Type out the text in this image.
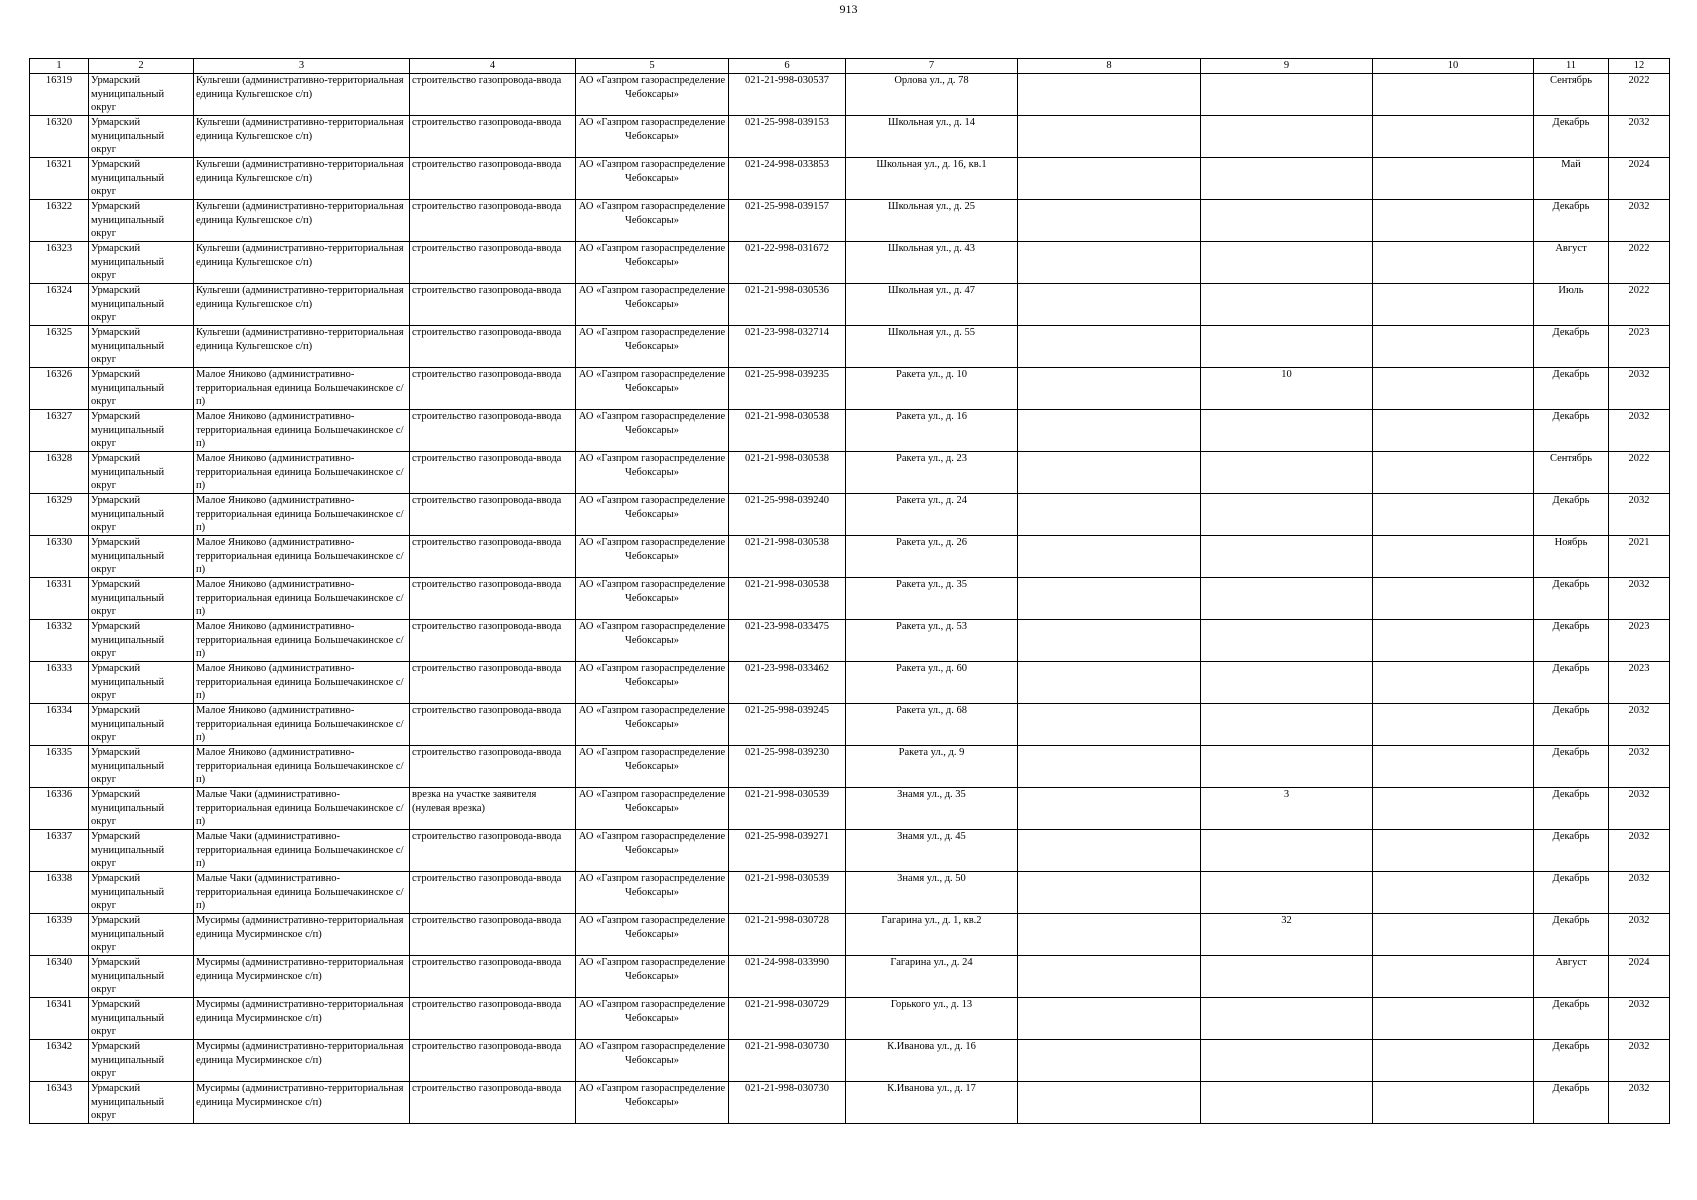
913
1	2	3	4	5	6	7	8	9	10	11	12

16319	Урмарский муниципальный округ	Кульгеши (административно-территориальная единица Кульгешское с/п)	строительство газопровода-ввода	АО «Газпром газораспределение Чебоксары»	021-21-998-030537	Орлова ул., д. 78				Сентябрь	2022

16320	Урмарский муниципальный округ	Кульгеши (административно-территориальная единица Кульгешское с/п)	строительство газопровода-ввода	АО «Газпром газораспределение Чебоксары»	021-25-998-039153	Школьная ул., д. 14				Декабрь	2032

16321	Урмарский муниципальный округ	Кульгеши (административно-территориальная единица Кульгешское с/п)	строительство газопровода-ввода	АО «Газпром газораспределение Чебоксары»	021-24-998-033853	Школьная ул., д. 16, кв.1				Май	2024

16322	Урмарский муниципальный округ	Кульгеши (административно-территориальная единица Кульгешское с/п)	строительство газопровода-ввода	АО «Газпром газораспределение Чебоксары»	021-25-998-039157	Школьная ул., д. 25				Декабрь	2032

16323	Урмарский муниципальный округ	Кульгеши (административно-территориальная единица Кульгешское с/п)	строительство газопровода-ввода	АО «Газпром газораспределение Чебоксары»	021-22-998-031672	Школьная ул., д. 43				Август	2022

16324	Урмарский муниципальный округ	Кульгеши (административно-территориальная единица Кульгешское с/п)	строительство газопровода-ввода	АО «Газпром газораспределение Чебоксары»	021-21-998-030536	Школьная ул., д. 47				Июль	2022

16325	Урмарский муниципальный округ	Кульгеши (административно-территориальная единица Кульгешское с/п)	строительство газопровода-ввода	АО «Газпром газораспределение Чебоксары»	021-23-998-032714	Школьная ул., д. 55				Декабрь	2023

16326	Урмарский муниципальный округ	Малое Яниково (административно-территориальная единица Большечакинское с/п)	строительство газопровода-ввода	АО «Газпром газораспределение Чебоксары»	021-25-998-039235	Ракета ул., д. 10		10		Декабрь	2032

16327	Урмарский муниципальный округ	Малое Яниково (административно-территориальная единица Большечакинское с/п)	строительство газопровода-ввода	АО «Газпром газораспределение Чебоксары»	021-21-998-030538	Ракета ул., д. 16				Декабрь	2032

16328	Урмарский муниципальный округ	Малое Яниково (административно-территориальная единица Большечакинское с/п)	строительство газопровода-ввода	АО «Газпром газораспределение Чебоксары»	021-21-998-030538	Ракета ул., д. 23				Сентябрь	2022

16329	Урмарский муниципальный округ	Малое Яниково (административно-территориальная единица Большечакинское с/п)	строительство газопровода-ввода	АО «Газпром газораспределение Чебоксары»	021-25-998-039240	Ракета ул., д. 24				Декабрь	2032

16330	Урмарский муниципальный округ	Малое Яниково (административно-территориальная единица Большечакинское с/п)	строительство газопровода-ввода	АО «Газпром газораспределение Чебоксары»	021-21-998-030538	Ракета ул., д. 26				Ноябрь	2021

16331	Урмарский муниципальный округ	Малое Яниково (административно-территориальная единица Большечакинское с/п)	строительство газопровода-ввода	АО «Газпром газораспределение Чебоксары»	021-21-998-030538	Ракета ул., д. 35				Декабрь	2032

16332	Урмарский муниципальный округ	Малое Яниково (административно-территориальная единица Большечакинское с/п)	строительство газопровода-ввода	АО «Газпром газораспределение Чебоксары»	021-23-998-033475	Ракета ул., д. 53				Декабрь	2023

16333	Урмарский муниципальный округ	Малое Яниково (административно-территориальная единица Большечакинское с/п)	строительство газопровода-ввода	АО «Газпром газораспределение Чебоксары»	021-23-998-033462	Ракета ул., д. 60				Декабрь	2023

16334	Урмарский муниципальный округ	Малое Яниково (административно-территориальная единица Большечакинское с/п)	строительство газопровода-ввода	АО «Газпром газораспределение Чебоксары»	021-25-998-039245	Ракета ул., д. 68				Декабрь	2032

16335	Урмарский муниципальный округ	Малое Яниково (административно-территориальная единица Большечакинское с/п)	строительство газопровода-ввода	АО «Газпром газораспределение Чебоксары»	021-25-998-039230	Ракета ул., д. 9				Декабрь	2032

16336	Урмарский муниципальный округ	Малые Чаки (административно-территориальная единица Большечакинское с/п)	врезка на участке заявителя (нулевая врезка)	АО «Газпром газораспределение Чебоксары»	021-21-998-030539	Знамя ул., д. 35		3		Декабрь	2032

16337	Урмарский муниципальный округ	Малые Чаки (административно-территориальная единица Большечакинское с/п)	строительство газопровода-ввода	АО «Газпром газораспределение Чебоксары»	021-25-998-039271	Знамя ул., д. 45				Декабрь	2032

16338	Урмарский муниципальный округ	Малые Чаки (административно-территориальная единица Большечакинское с/п)	строительство газопровода-ввода	АО «Газпром газораспределение Чебоксары»	021-21-998-030539	Знамя ул., д. 50				Декабрь	2032

16339	Урмарский муниципальный округ	Мусирмы (административно-территориальная единица Мусирминское с/п)	строительство газопровода-ввода	АО «Газпром газораспределение Чебоксары»	021-21-998-030728	Гагарина ул., д. 1, кв.2		32		Декабрь	2032

16340	Урмарский муниципальный округ	Мусирмы (административно-территориальная единица Мусирминское с/п)	строительство газопровода-ввода	АО «Газпром газораспределение Чебоксары»	021-24-998-033990	Гагарина ул., д. 24				Август	2024

16341	Урмарский муниципальный округ	Мусирмы (административно-территориальная единица Мусирминское с/п)	строительство газопровода-ввода	АО «Газпром газораспределение Чебоксары»	021-21-998-030729	Горького ул., д. 13				Декабрь	2032

16342	Урмарский муниципальный округ	Мусирмы (административно-территориальная единица Мусирминское с/п)	строительство газопровода-ввода	АО «Газпром газораспределение Чебоксары»	021-21-998-030730	К.Иванова ул., д. 16				Декабрь	2032

16343	Урмарский муниципальный округ	Мусирмы (административно-территориальная единица Мусирминское с/п)	строительство газопровода-ввода	АО «Газпром газораспределение Чебоксары»	021-21-998-030730	К.Иванова ул., д. 17				Декабрь	2032
